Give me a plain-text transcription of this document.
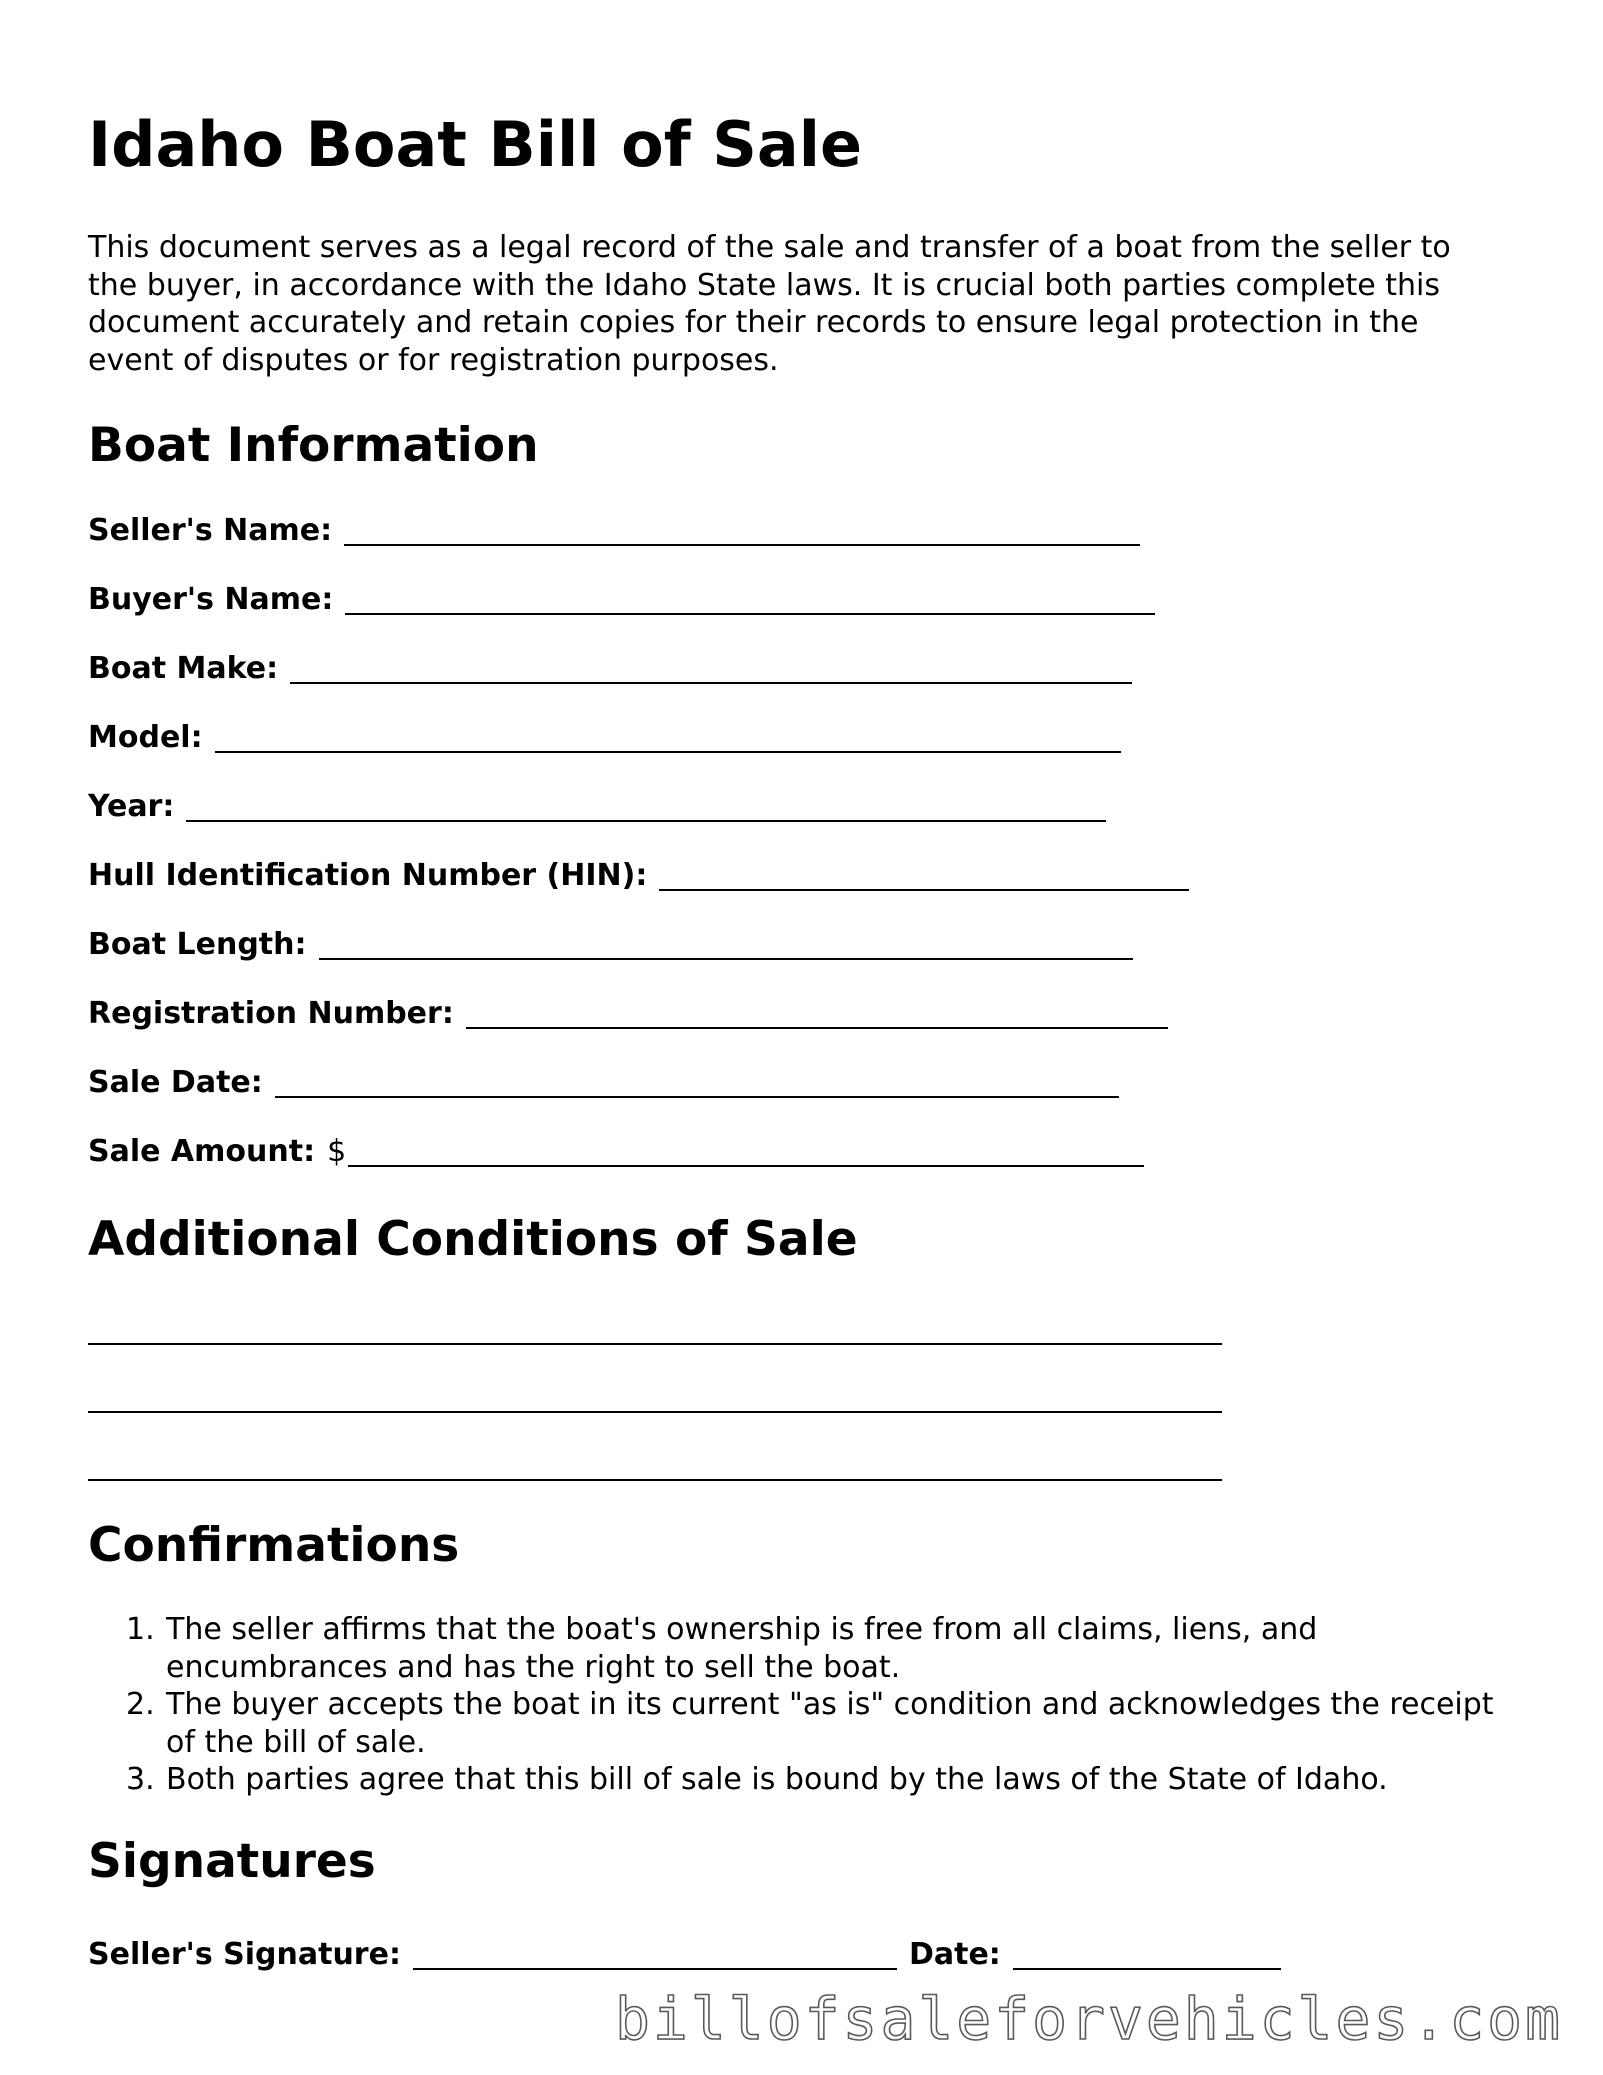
Idaho Boat Bill of Sale

This document serves as a legal record of the sale and transfer of a boat from the seller to the buyer, in accordance with the Idaho State laws. It is crucial both parties complete this document accurately and retain copies for their records to ensure legal protection in the event of disputes or for registration purposes.

Boat Information
Seller's Name:
Buyer's Name:
Boat Make:
Model:
Year:
Hull Identification Number (HIN):
Boat Length:
Registration Number:
Sale Date:
Sale Amount: $
Additional Conditions of Sale
Confirmations
1. The seller affirms that the boat's ownership is free from all claims, liens, and encumbrances and has the right to sell the boat.
2. The buyer accepts the boat in its current "as is" condition and acknowledges the receipt of the bill of sale.
3. Both parties agree that this bill of sale is bound by the laws of the State of Idaho.
Signatures
Seller's Signature:	Date:
billofsaleforvehicles.com
